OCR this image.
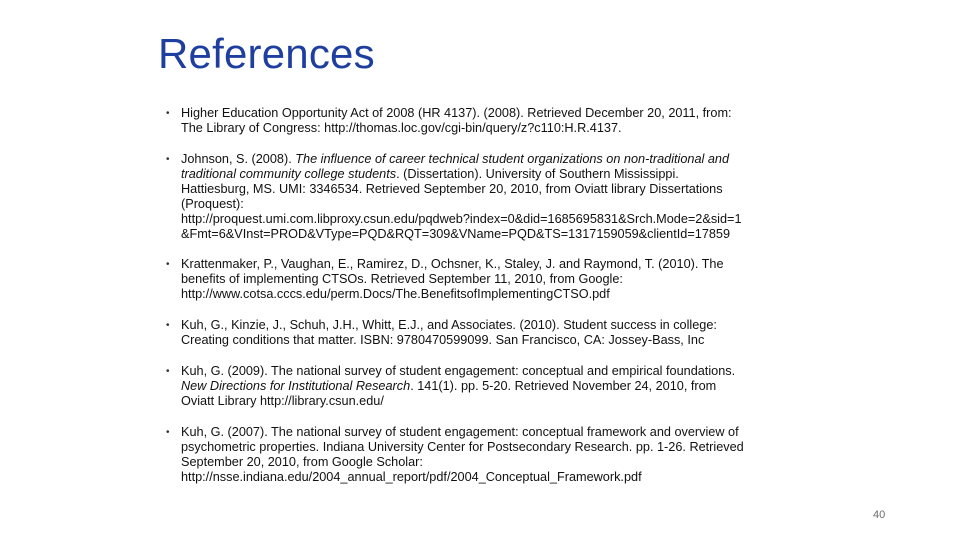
References
• Higher Education Opportunity Act of 2008 (HR 4137). (2008). Retrieved December 20, 2011, from:
The Library of Congress: http://thomas.loc.gov/cgi-bin/query/z?c110:H.R.4137.
• Johnson, S. (2008). The influence of career technical student organizations on non-traditional and
traditional community college students. (Dissertation). University of Southern Mississippi.
Hattiesburg, MS. UMI: 3346534. Retrieved September 20, 2010, from Oviatt library Dissertations
(Proquest):
http://proquest.umi.com.libproxy.csun.edu/pqdweb?index=0&did=1685695831&Srch.Mode=2&sid=1
&Fmt=6&VInst=PROD&VType=PQD&RQT=309&VName=PQD&TS=1317159059&clientId=17859
• Krattenmaker, P., Vaughan, E., Ramirez, D., Ochsner, K., Staley, J. and Raymond, T. (2010). The
benefits of implementing CTSOs. Retrieved September 11, 2010, from Google:
http://www.cotsa.cccs.edu/perm.Docs/The.BenefitsofImplementingCTSO.pdf
• Kuh, G., Kinzie, J., Schuh, J.H., Whitt, E.J., and Associates. (2010). Student success in college:
Creating conditions that matter. ISBN: 9780470599099. San Francisco, CA: Jossey-Bass, Inc
• Kuh, G. (2009). The national survey of student engagement: conceptual and empirical foundations.
New Directions for Institutional Research. 141(1). pp. 5-20. Retrieved November 24, 2010, from
Oviatt Library http://library.csun.edu/
• Kuh, G. (2007). The national survey of student engagement: conceptual framework and overview of
psychometric properties. Indiana University Center for Postsecondary Research. pp. 1-26. Retrieved
September 20, 2010, from Google Scholar:
http://nsse.indiana.edu/2004_annual_report/pdf/2004_Conceptual_Framework.pdf
40
